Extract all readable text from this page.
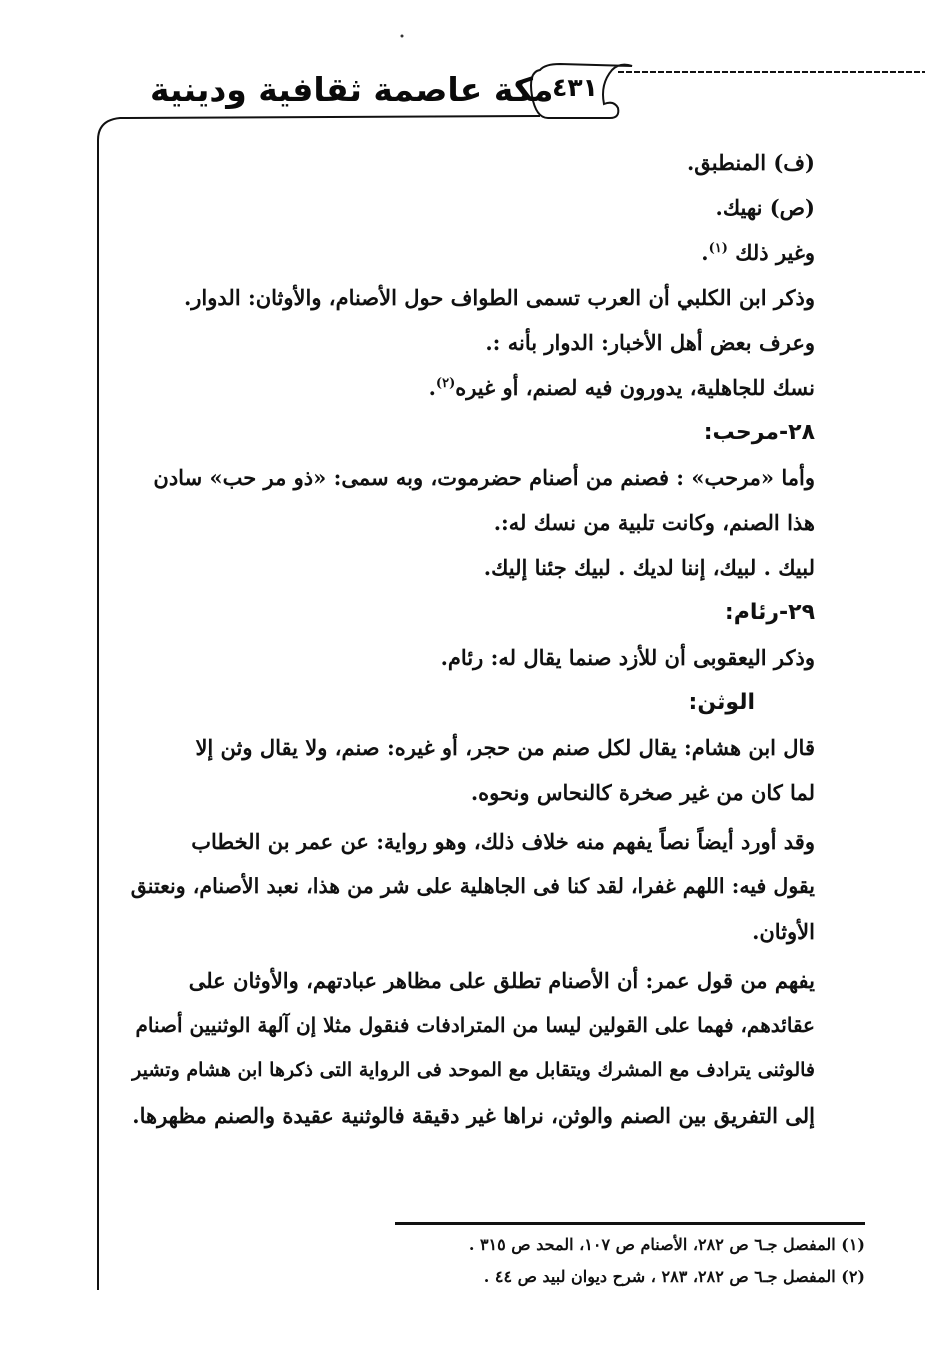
مكة عاصمة ثقافية ودينية
٤٣١
(ف) المنطبق.
(ص) نهيك.
وغير ذلك $^{(١)}$.
وذكر ابن الكلبي أن العرب تسمى الطواف حول الأصنام، والأوثان: الدوار.
وعرف بعض أهل الأخبار: الدوار بأنه :.
نسك للجاهلية، يدورون فيه لصنم، أو غيره$^{(٢)}$.
٢٨-مرحب:
وأما «مرحب» : فصنم من أصنام حضرموت، وبه سمى: «ذو مر حب» سادن
هذا الصنم، وكانت تلبية من نسك له:.
لبيك . لبيك، إننا لديك . لبيك جئنا إليك.
٢٩-رئام:
وذكر اليعقوبى أن للأزد صنما يقال له: رئام.
الوثن:
قال ابن هشام: يقال لكل صنم من حجر، أو غيره: صنم، ولا يقال وثن إلا
لما كان من غير صخرة كالنحاس ونحوه.
وقد أورد أيضاً نصاً يفهم منه خلاف ذلك، وهو رواية: عن عمر بن الخطاب
يقول فيه: اللهم غفرا، لقد كنا فى الجاهلية على شر من هذا، نعبد الأصنام، ونعتنق
الأوثان.
يفهم من قول عمر: أن الأصنام تطلق على مظاهر عبادتهم، والأوثان على
عقائدهم، فهما على القولين ليسا من المترادفات فنقول مثلا إن آلهة الوثنيين أصنام
فالوثنى يترادف مع المشرك ويتقابل مع الموحد فى الرواية التى ذكرها ابن هشام وتشير
إلى التفريق بين الصنم والوثن، نراها غير دقيقة فالوثنية عقيدة والصنم مظهرها.
(١) المفصل جـ٦ ص ٢٨٢، الأصنام ص ١٠٧، المحد ص ٣١٥ .
(٢) المفصل جـ٦ ص ٢٨٢، ٢٨٣ ، شرح ديوان لبيد ص ٤٤ .
